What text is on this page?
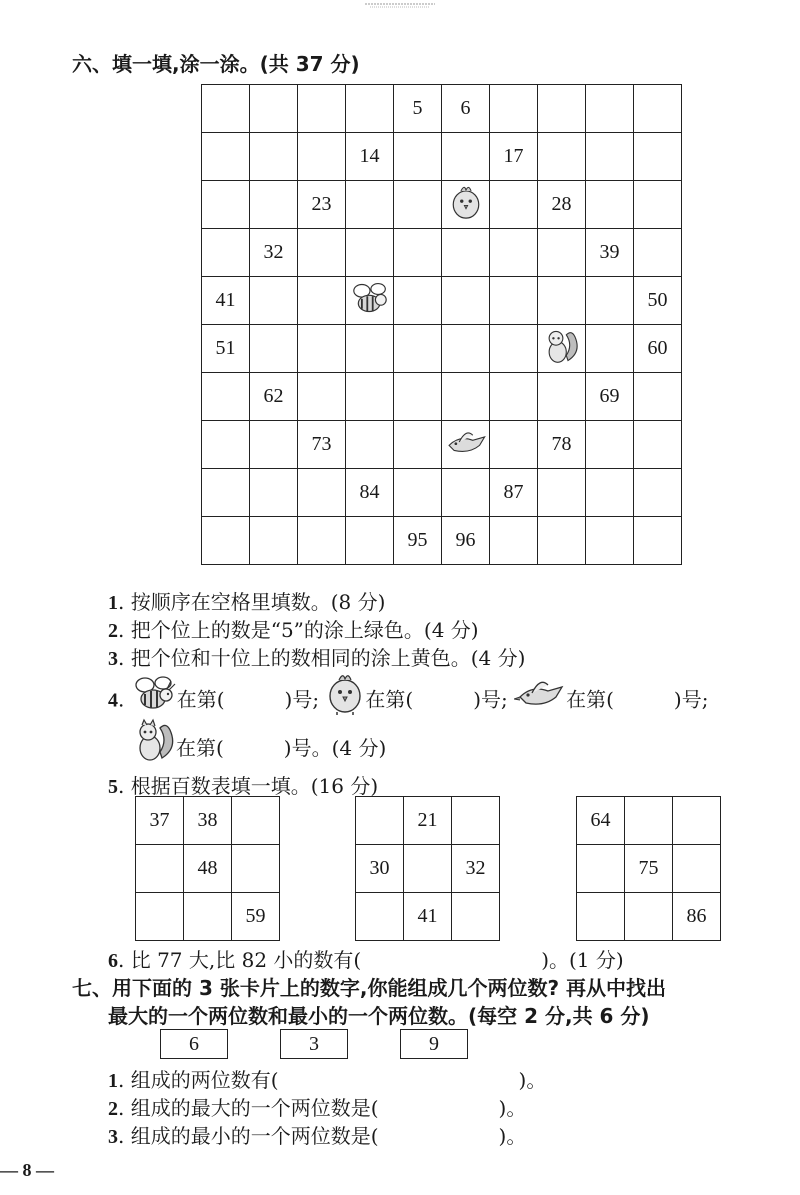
六、填一填,涂一涂。(共 37 分)
				5	6				
			14			17			
		23					28		
	32							39	
41									50
51									60
	62							69	
		73					78		
			84			87			
				95	96				
1. 按顺序在空格里填数。(8 分)
2. 把个位上的数是“5”的涂上绿色。(4 分)
3. 把个位和十位上的数相同的涂上黄色。(4 分)
4.	在第(　　　)号; 在第(　　　)号;	在第(　　　)号;
在第(　　　)号。(4 分)
5. 根据百数表填一填。(16 分)
37	38	
	48	
		59
	21	
30		32
	41	
64		
	75	
		86
6. 比 77 大,比 82 小的数有(　　　　　　　　　)。(1 分)
七、用下面的 3 张卡片上的数字,你能组成几个两位数? 再从中找出
最大的一个两位数和最小的一个两位数。(每空 2 分,共 6 分)
6	3	9
1. 组成的两位数有(　　　　　　　　　　　　)。
2. 组成的最大的一个两位数是(　　　　　　)。
3. 组成的最小的一个两位数是(　　　　　　)。
— 8 —
